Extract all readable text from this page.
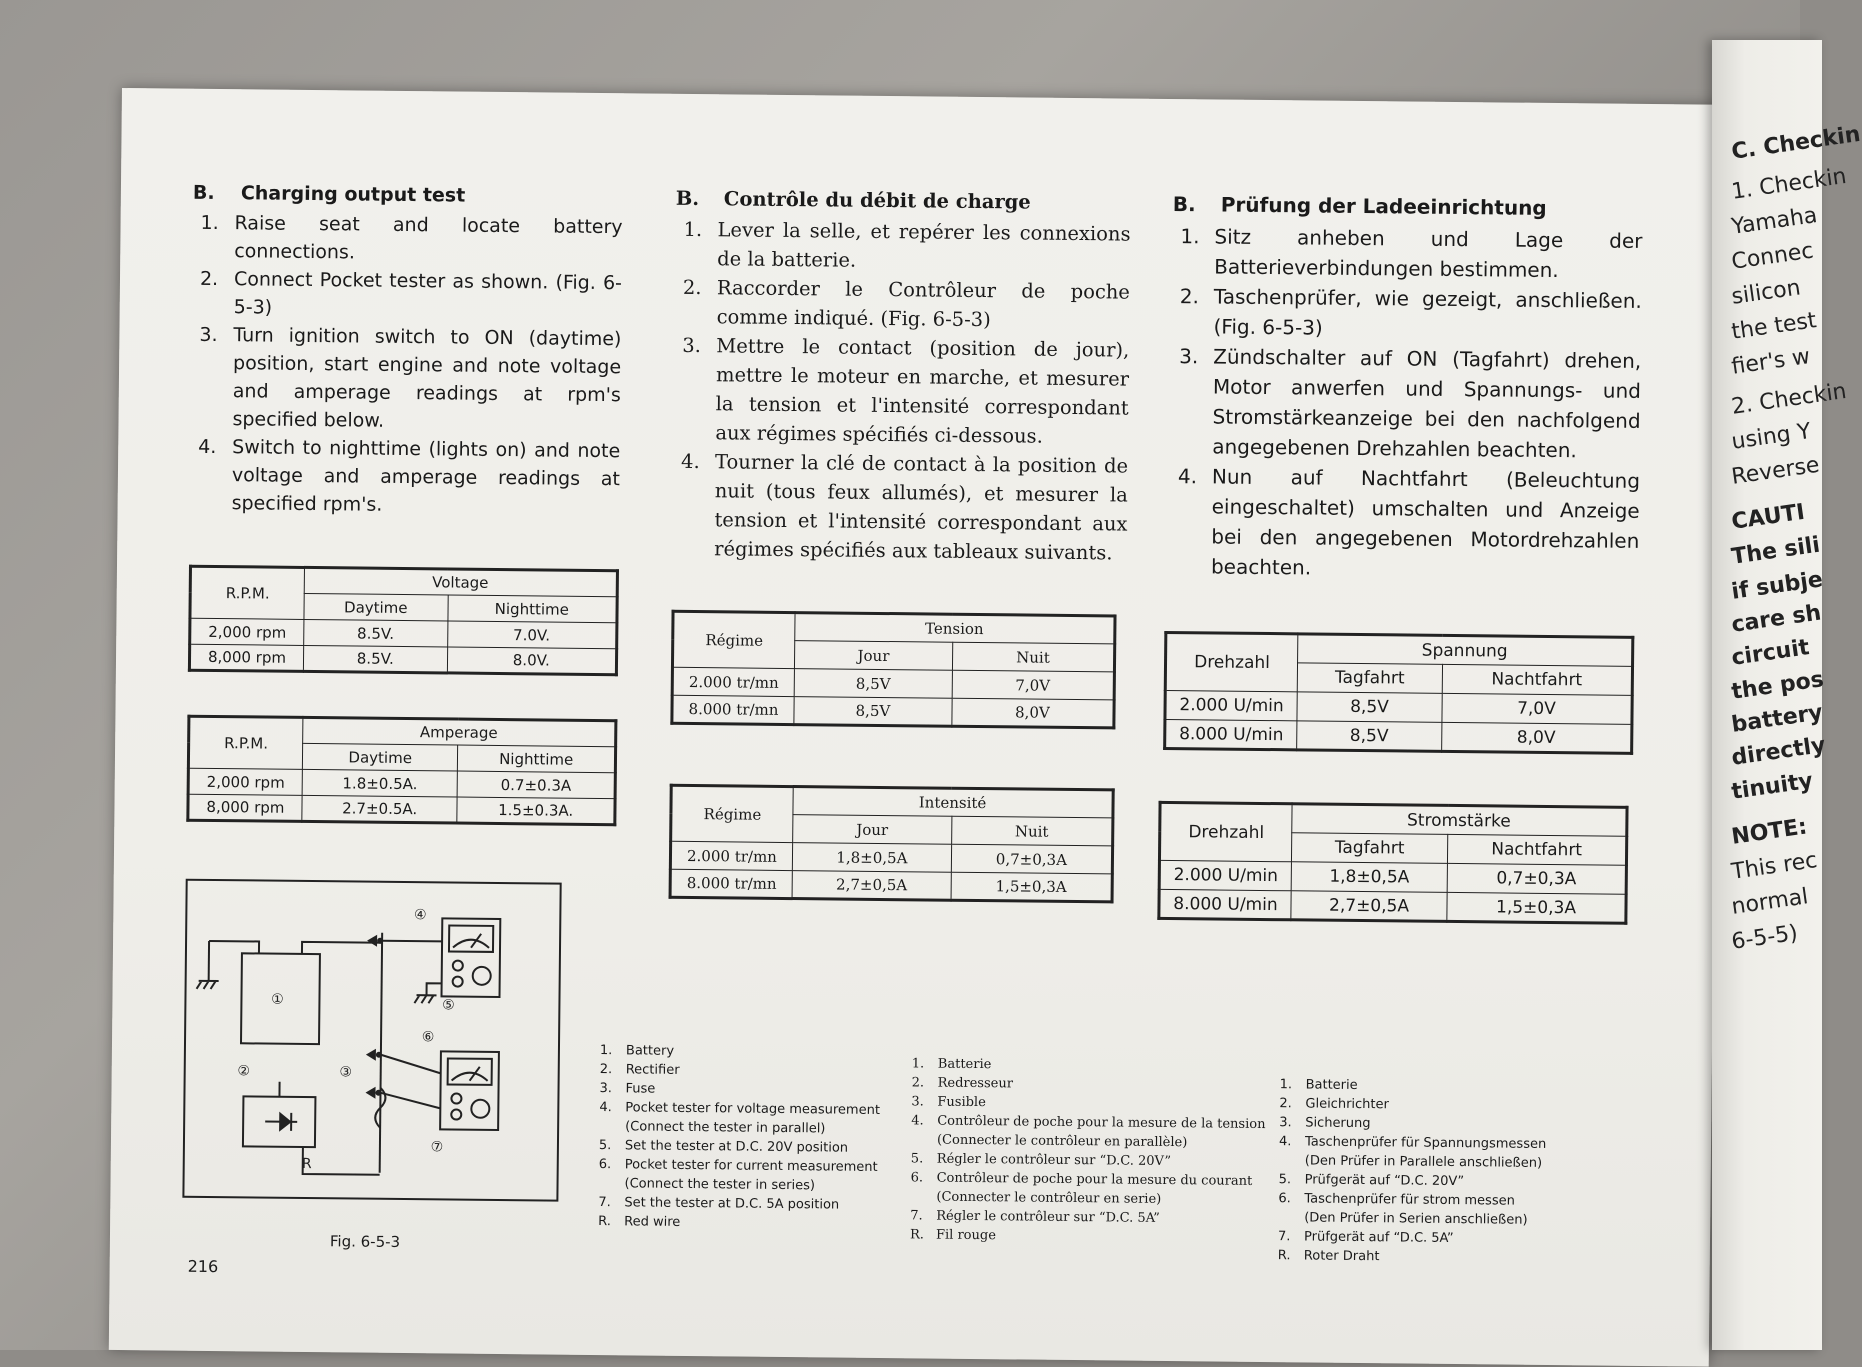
B.	Charging output test
1. Raise seat and locate battery connections.
2. Connect Pocket tester as shown. (Fig. 6-5-3)
3. Turn ignition switch to ON (daytime) position, start engine and note voltage and amperage readings at rpm's specified below.
4. Switch to nighttime (lights on) and note voltage and amperage readings at specified rpm's.
R.P.M.	Voltage	
	Daytime	Nighttime
2,000 rpm	8.5V.	7.0V.
8,000 rpm	8.5V.	8.0V.
R.P.M.	Amperage	
	Daytime	Nighttime
2,000 rpm	1.8±0.5A.	0.7±0.3A
8,000 rpm	2.7±0.5A.	1.5±0.3A.
①
②	③
④
⑤
⑥
⑦
R
Fig. 6-5-3
216
1.	Battery
2.	Rectifier
3.	Fuse
4.	Pocket tester for voltage measurement
(Connect the tester in parallel)
5.	Set the tester at D.C. 20V position
6.	Pocket tester for current measurement
(Connect the tester in series)
7.	Set the tester at D.C. 5A position
R.	Red wire
B.	Contrôle du débit de charge
1. Lever la selle, et repérer les connexions de la batterie.
2. Raccorder le Contrôleur de poche comme indiqué. (Fig. 6-5-3)
3. Mettre le contact (position de jour), mettre le moteur en marche, et mesurer la tension et l'intensité correspondant aux régimes spécifiés ci-dessous.
4. Tourner la clé de contact à la position de nuit (tous feux allumés), et mesurer la tension et l'intensité correspondant aux régimes spécifiés aux tableaux suivants.
Régime	Tension	
	Jour	Nuit
2.000 tr/mn	8,5V	7,0V
8.000 tr/mn	8,5V	8,0V
Régime	Intensité	
	Jour	Nuit
2.000 tr/mn	1,8±0,5A	0,7±0,3A
8.000 tr/mn	2,7±0,5A	1,5±0,3A
1.	Batterie
2.	Redresseur
3.	Fusible
4.	Contrôleur de poche pour la mesure de la tension
(Connecter le contrôleur en parallèle)
5.	Régler le contrôleur sur “D.C. 20V”
6.	Contrôleur de poche pour la mesure du courant
(Connecter le contrôleur en serie)
7.	Régler le contrôleur sur “D.C. 5A”
R. Fil rouge
B.	Prüfung der Ladeeinrichtung
1. Sitz anheben und Lage der Batterieverbindungen bestimmen.
2. Taschenprüfer, wie gezeigt, anschließen. (Fig. 6-5-3)
3. Zündschalter auf ON (Tagfahrt) drehen, Motor anwerfen und Spannungs- und Stromstärkeanzeige bei den nachfolgend angegebenen Drehzahlen beachten.
4. Nun auf Nachtfahrt (Beleuchtung eingeschaltet) umschalten und Anzeige bei den angegebenen Motordrehzahlen beachten.
Drehzahl	Spannung	
	Tagfahrt	Nachtfahrt
2.000 U/min	8,5V	7,0V
8.000 U/min	8,5V	8,0V
Drehzahl	Stromstärke	
	Tagfahrt	Nachtfahrt
2.000 U/min	1,8±0,5A	0,7±0,3A
8.000 U/min	2,7±0,5A	1,5±0,3A
1.	Batterie
2.	Gleichrichter
3.	Sicherung
4.	Taschenprüfer für Spannungsmessen
(Den Prüfer in Parallele anschließen)
5.	Prüfgerät auf “D.C. 20V”
6.	Taschenprüfer für strom messen
(Den Prüfer in Serien anschließen)
7.	Prüfgerät auf “D.C. 5A”
R.	Roter Draht
C. Checkin
1. Checkin
Yamaha
Connec
silicon
the test
fier's w
2. Checkin
using Y
Reverse
CAUTI
The sili
if subje
care sh
circuit
the pos
battery
directly
tinuity
NOTE:
This rec
normal
6-5-5)
